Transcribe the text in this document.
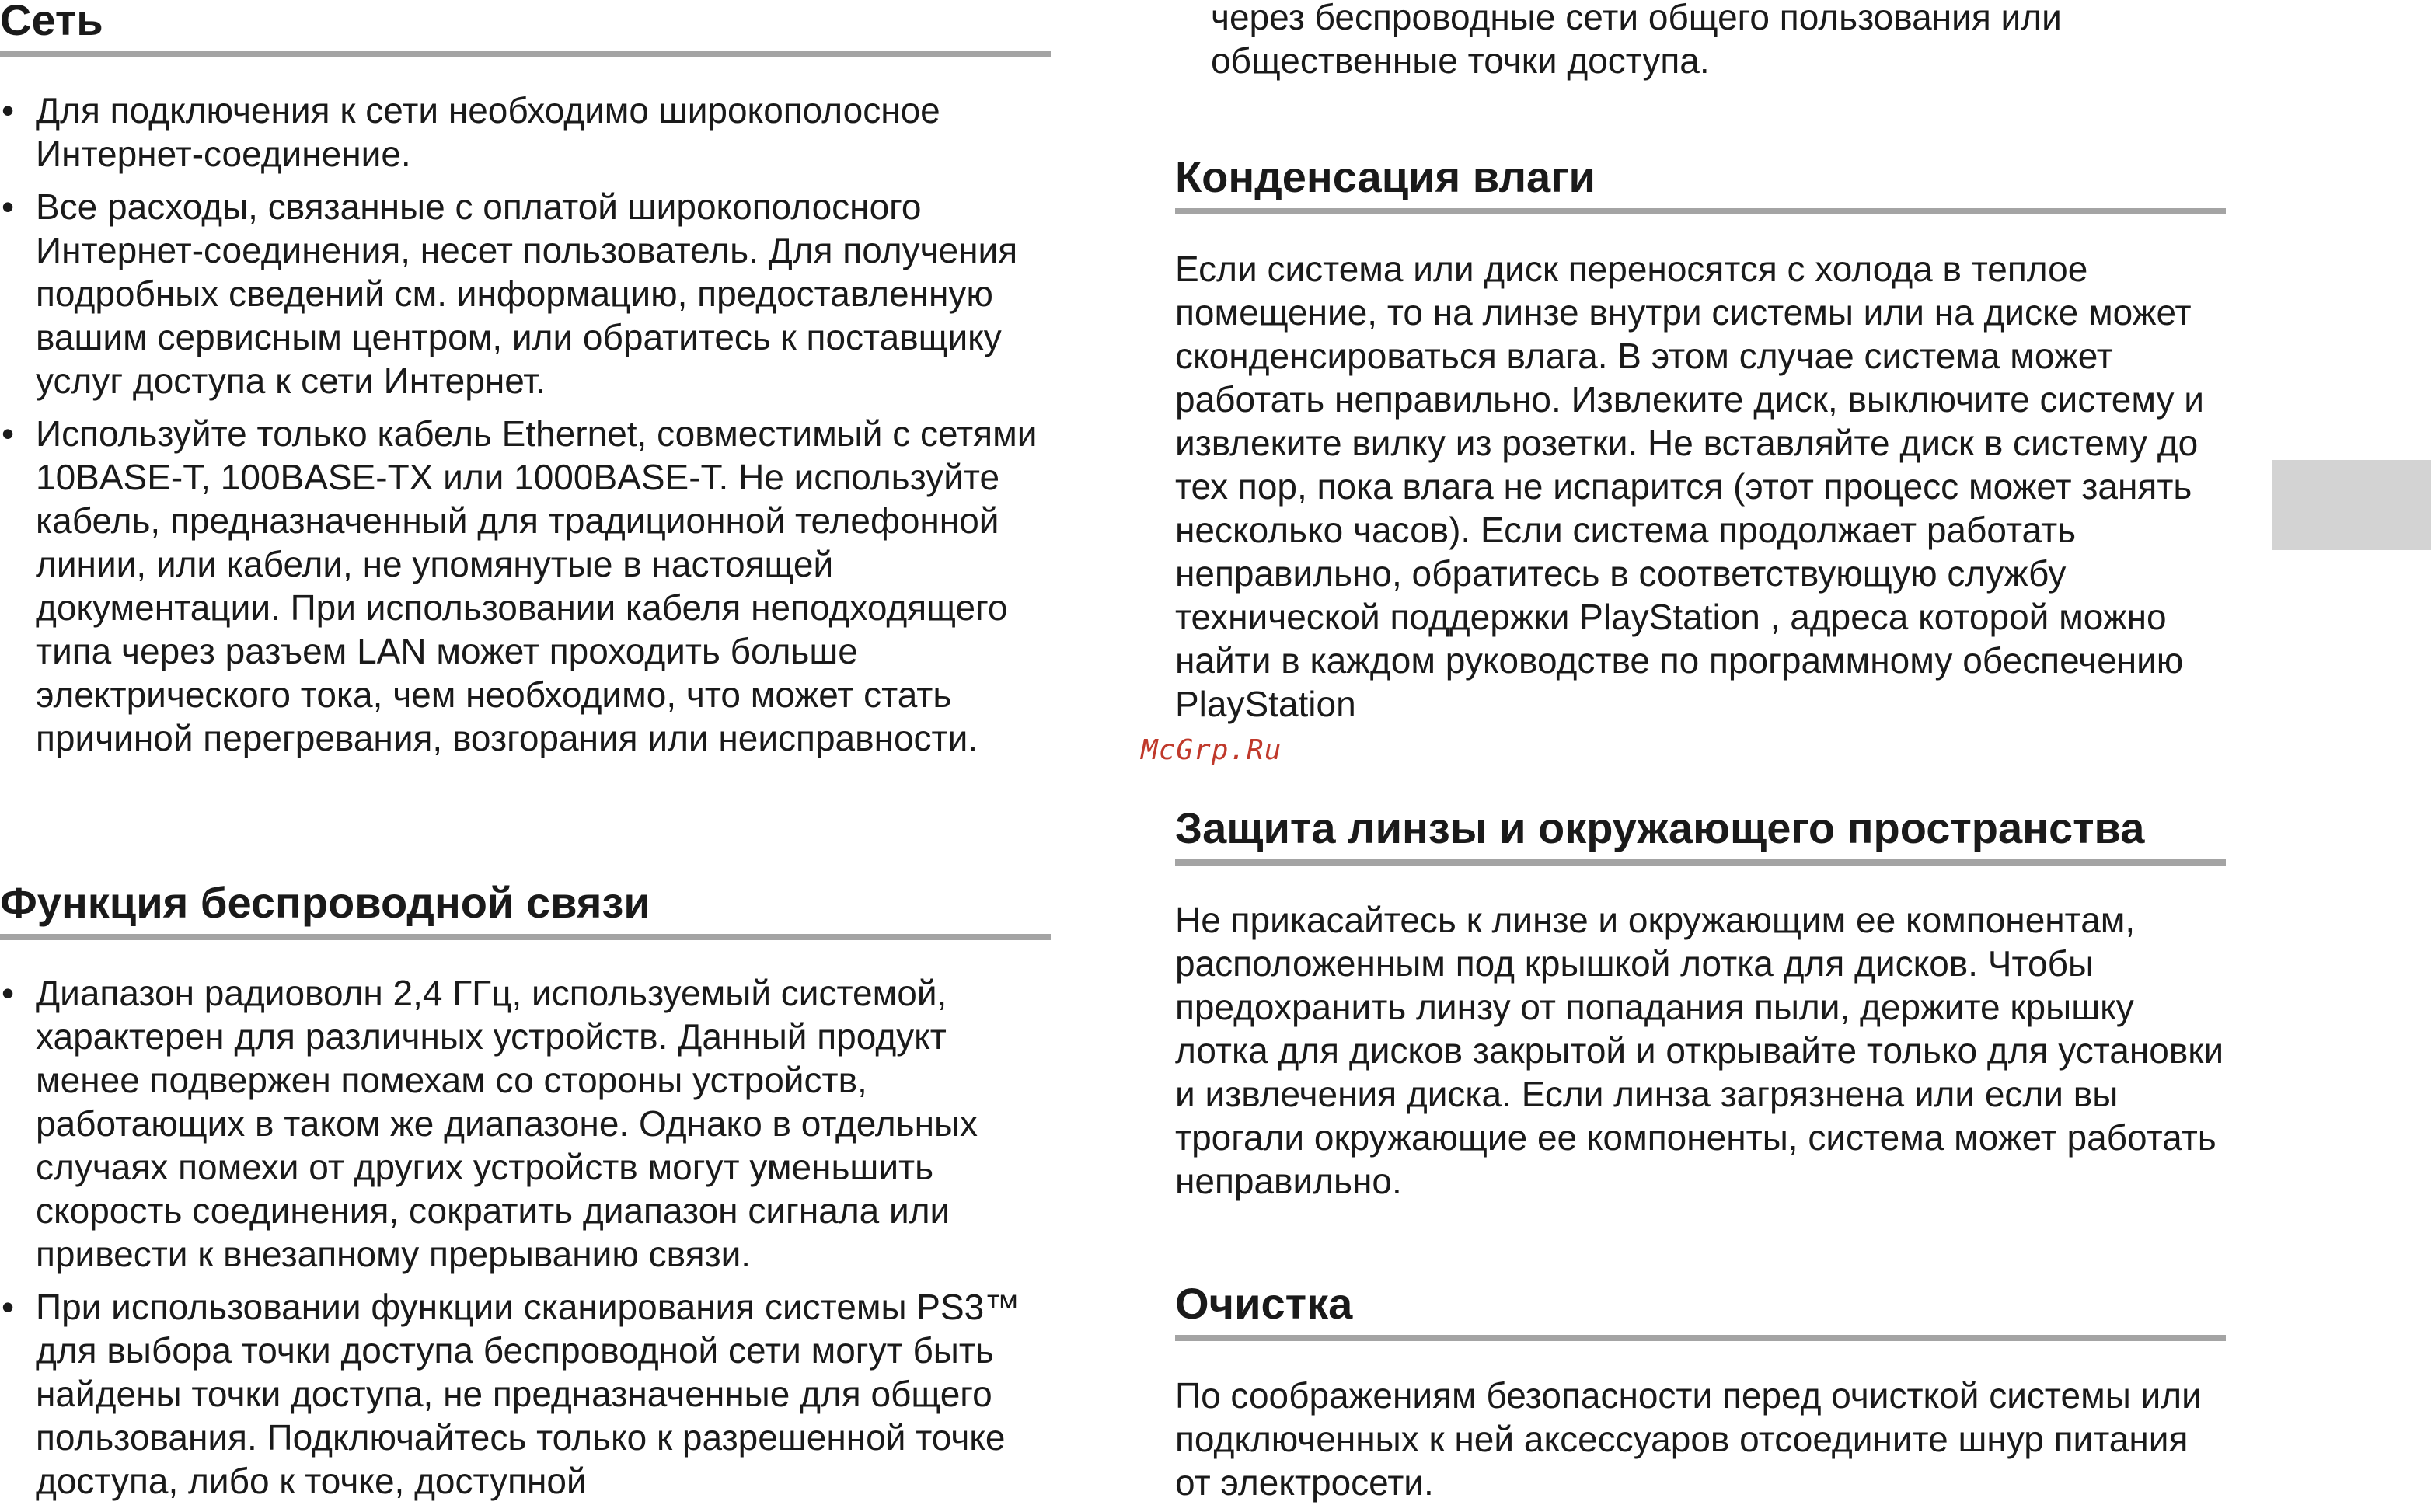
Сеть
• Для подключения к сети необходимо широкополосное Интернет-соединение.
• Все расходы, связанные с оплатой широкополосного Интернет-соединения, несет пользователь. Для получения подробных сведений см. информацию, предоставленную вашим сервисным центром, или обратитесь к поставщику услуг доступа к сети Интернет.
• Используйте только кабель Ethernet, совместимый с сетями 10BASE-T, 100BASE-TX или 1000BASE-T. Не используйте кабель, предназначенный для традиционной телефонной линии, или кабели, не упомянутые в настоящей документации. При использовании кабеля неподходящего типа через разъем LAN может проходить больше электрического тока, чем необходимо, что может стать причиной перегревания, возгорания или неисправности.
Функция беспроводной связи
• Диапазон радиоволн 2,4 ГГц, используемый системой, характерен для различных устройств. Данный продукт менее подвержен помехам со стороны устройств, работающих в таком же диапазоне. Однако в отдельных случаях помехи от других устройств могут уменьшить скорость соединения, сократить диапазон сигнала или привести к внезапному прерыванию связи.
• При использовании функции сканирования системы PS3™ для выбора точки доступа беспроводной сети могут быть найдены точки доступа, не предназначенные для общего пользования. Подключайтесь только к разрешенной точке доступа, либо к точке, доступной

через беспроводные сети общего пользования или общественные точки доступа.

Конденсация влаги

Если система или диск переносятся с холода в теплое помещение, то на линзе внутри системы или на диске может сконденсироваться влага. В этом случае система может работать неправильно. Извлеките диск, выключите систему и извлеките вилку из розетки. Не вставляйте диск в систему до тех пор, пока влага не испарится (этот процесс может занять несколько часов). Если система продолжает работать неправильно, обратитесь в соответствующую службу технической поддержки PlayStation , адреса которой можно найти в каждом руководстве по программному обеспечению PlayStation

Защита линзы и окружающего пространства

Не прикасайтесь к линзе и окружающим ее компонентам, расположенным под крышкой лотка для дисков. Чтобы предохранить линзу от попадания пыли, держите крышку лотка для дисков закрытой и открывайте только для установки и извлечения диска. Если линза загрязнена или если вы трогали окружающие ее компоненты, система может работать неправильно.

Очистка

По соображениям безопасности перед очисткой системы или подключенных к ней аксессуаров отсоедините шнур питания от электросети.

McGrp.Ru
